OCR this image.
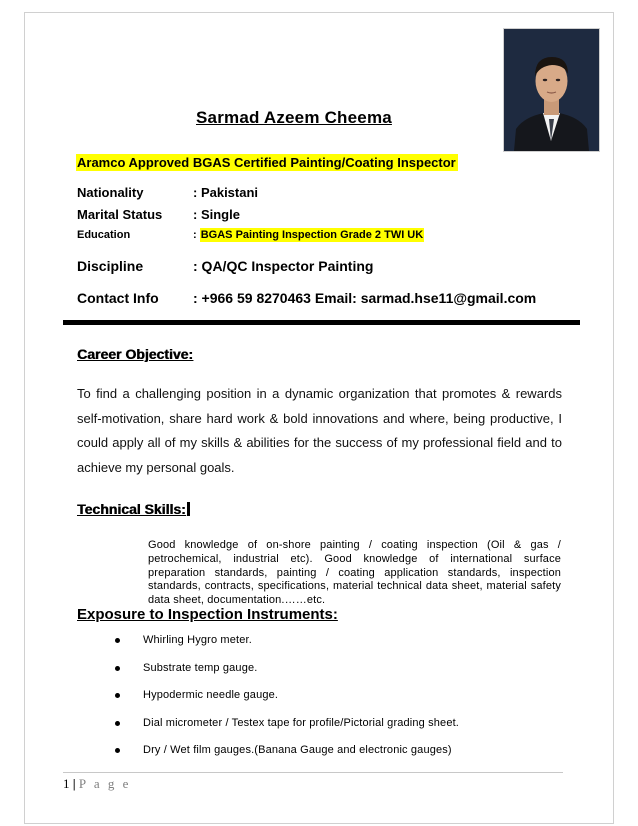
Sarmad Azeem Cheema
Aramco Approved BGAS Certified Painting/Coating Inspector
Nationality	: Pakistani
Marital Status : Single
Education	: BGAS Painting Inspection Grade 2 TWI UK
Discipline	: QA/QC Inspector Painting
Contact Info : +966 59 8270463 Email: sarmad.hse11@gmail.com
Career Objective:
To find a challenging position in a dynamic organization that promotes & rewards self-motivation, share hard work & bold innovations and where, being productive, I could apply all of my skills & abilities for the success of my professional field and to achieve my personal goals.
Technical Skills:
Good knowledge of on-shore painting / coating inspection (Oil & gas / petrochemical, industrial etc). Good knowledge of international surface preparation standards, painting / coating application standards, inspection standards, contracts, specifications, material technical data sheet, material safety data sheet, documentation.……etc.
Exposure to Inspection Instruments:
Whirling Hygro meter.
Substrate temp gauge.
Hypodermic needle gauge.
Dial micrometer / Testex tape for profile/Pictorial grading sheet.
Dry / Wet film gauges.(Banana Gauge and electronic gauges)
1 | P a g e
